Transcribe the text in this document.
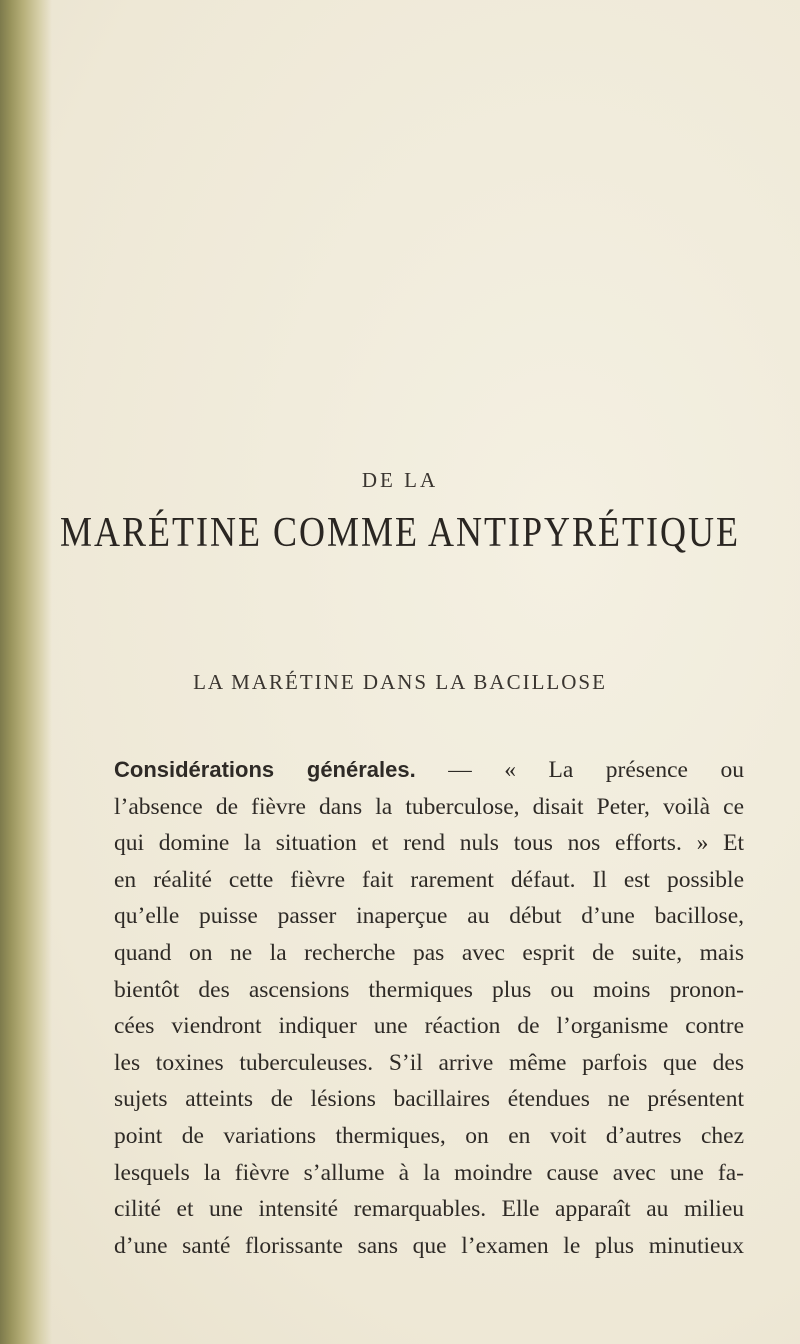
DE LA
MARÉTINE COMME ANTIPYRÉTIQUE
LA MARÉTINE DANS LA BACILLOSE
Considérations générales. — « La présence ou
l’absence de fièvre dans la tuberculose, disait Peter, voilà ce
qui domine la situation et rend nuls tous nos efforts. » Et
en réalité cette fièvre fait rarement défaut. Il est possible
qu’elle puisse passer inaperçue au début d’une bacillose,
quand on ne la recherche pas avec esprit de suite, mais
bientôt des ascensions thermiques plus ou moins pronon-
cées viendront indiquer une réaction de l’organisme contre
les toxines tuberculeuses. S’il arrive même parfois que des
sujets atteints de lésions bacillaires étendues ne présentent
point de variations thermiques, on en voit d’autres chez
lesquels la fièvre s’allume à la moindre cause avec une fa-
cilité et une intensité remarquables. Elle apparaît au milieu
d’une santé florissante sans que l’examen le plus minutieux
